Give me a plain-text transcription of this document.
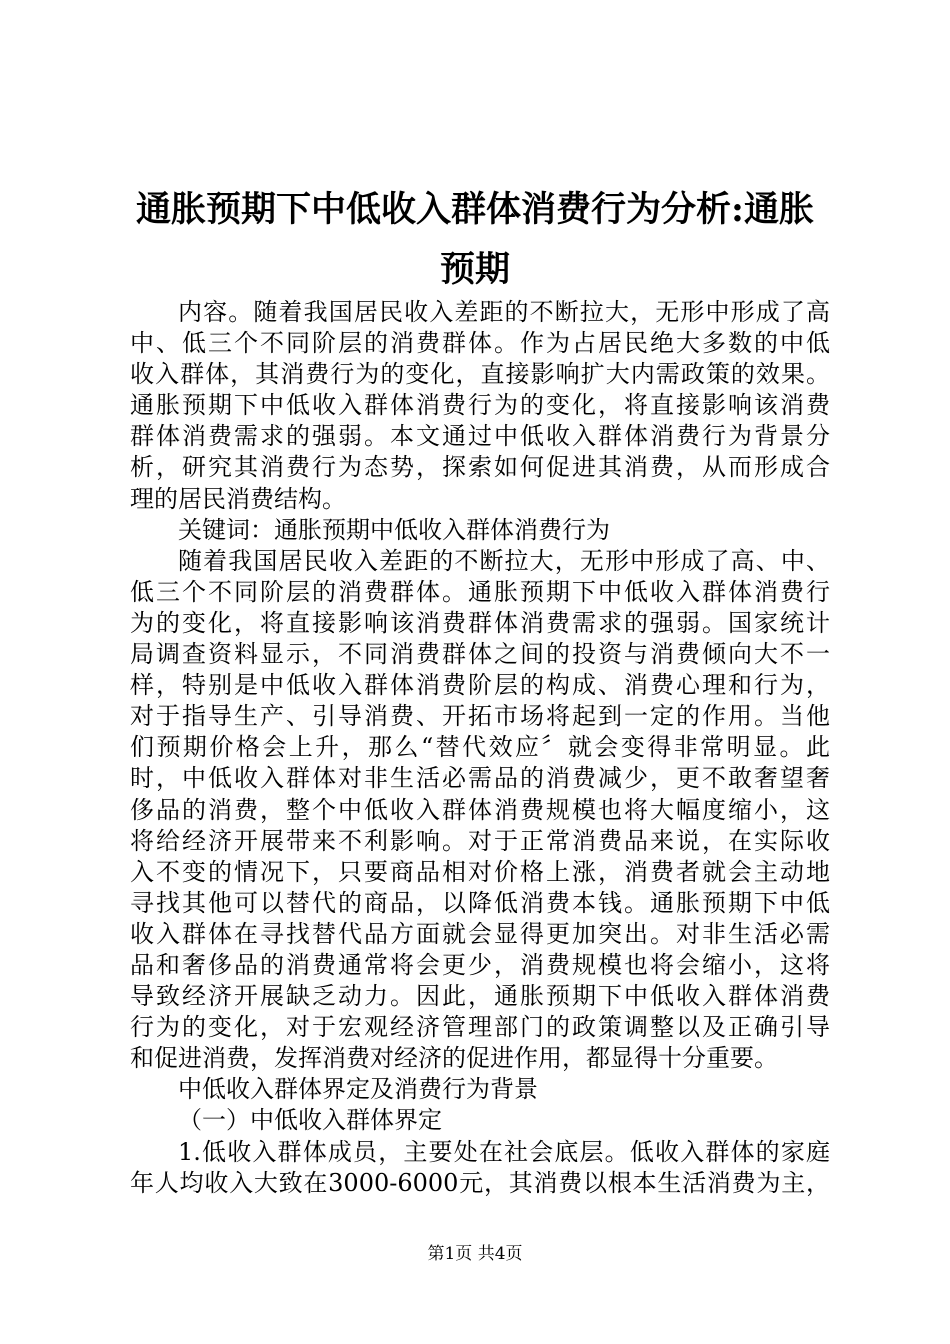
通胀预期下中低收入群体消费行为分析:通胀
预期
内容。随着我国居民收入差距的不断拉大，无形中形成了高
中、低三个不同阶层的消费群体。作为占居民绝大多数的中低
收入群体，其消费行为的变化，直接影响扩大内需政策的效果。
通胀预期下中低收入群体消费行为的变化，将直接影响该消费
群体消费需求的强弱。本文通过中低收入群体消费行为背景分
析，研究其消费行为态势，探索如何促进其消费，从而形成合
理的居民消费结构。
关键词：通胀预期中低收入群体消费行为
随着我国居民收入差距的不断拉大，无形中形成了高、中、
低三个不同阶层的消费群体。通胀预期下中低收入群体消费行
为的变化，将直接影响该消费群体消费需求的强弱。国家统计
局调查资料显示，不同消费群体之间的投资与消费倾向大不一
样，特别是中低收入群体消费阶层的构成、消费心理和行为，
对于指导生产、引导消费、开拓市场将起到一定的作用。当他
们预期价格会上升，那么“替代效应〞就会变得非常明显。此
时，中低收入群体对非生活必需品的消费减少，更不敢奢望奢
侈品的消费，整个中低收入群体消费规模也将大幅度缩小，这
将给经济开展带来不利影响。对于正常消费品来说，在实际收
入不变的情况下，只要商品相对价格上涨，消费者就会主动地
寻找其他可以替代的商品，以降低消费本钱。通胀预期下中低
收入群体在寻找替代品方面就会显得更加突出。对非生活必需
品和奢侈品的消费通常将会更少，消费规模也将会缩小，这将
导致经济开展缺乏动力。因此，通胀预期下中低收入群体消费
行为的变化，对于宏观经济管理部门的政策调整以及正确引导
和促进消费，发挥消费对经济的促进作用，都显得十分重要。
中低收入群体界定及消费行为背景
（一）中低收入群体界定
1.低收入群体成员，主要处在社会底层。低收入群体的家庭
年人均收入大致在3000-6000元，其消费以根本生活消费为主，
第1页 共4页
